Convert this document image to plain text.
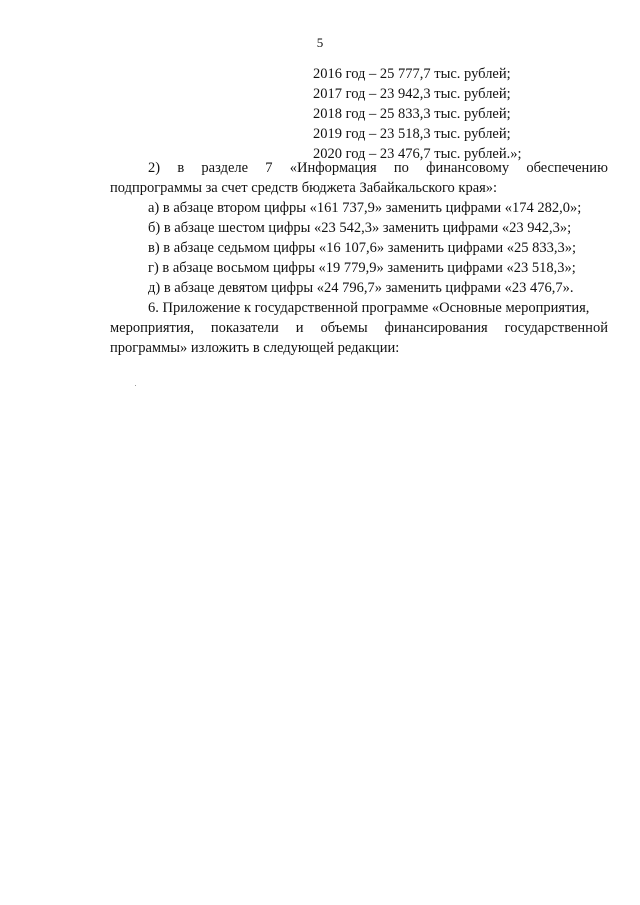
5
2016 год – 25 777,7 тыс. рублей;
2017 год – 23 942,3 тыс. рублей;
2018 год – 25 833,3 тыс. рублей;
2019 год – 23 518,3 тыс. рублей;
2020 год – 23 476,7 тыс. рублей.»;
2) в разделе 7 «Информация по финансовому обеспечению
подпрограммы за счет средств бюджета Забайкальского края»:

а) в абзаце втором цифры «161 737,9» заменить цифрами «174 282,0»;

б) в абзаце шестом цифры «23 542,3» заменить цифрами «23 942,3»;

в) в абзаце седьмом цифры «16 107,6» заменить цифрами «25 833,3»;

г) в абзаце восьмом цифры «19 779,9» заменить цифрами «23 518,3»;

д) в абзаце девятом цифры «24 796,7» заменить цифрами «23 476,7».

6. Приложение к государственной программе «Основные мероприятия,

мероприятия, показатели и объемы финансирования государственной
программы» изложить в следующей редакции:
